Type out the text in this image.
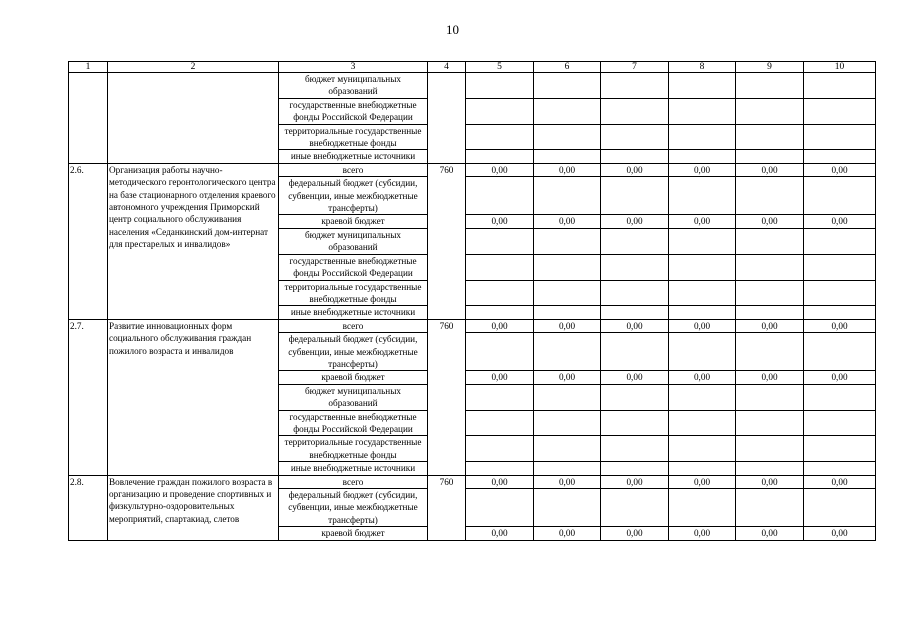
10
1	2	3	4	5	6	7	8	9	10
		бюджет муниципальных образований							
		государственные внебюджетные фонды Российской Федерации							
		территориальные государственные внебюджетные фонды							
		иные внебюджетные источники							
2.6.	Организация работы научно-методического геронтологического центра на базе стационарного отделения краевого автономного учреждения Приморский центр социального обслуживания населения «Седанкинский дом-интернат для престарелых и инвалидов»	всего	760	0,00	0,00	0,00	0,00	0,00	0,00
		федеральный бюджет (субсидии, субвенции, иные межбюджетные трансферты)							
		краевой бюджет		0,00	0,00	0,00	0,00	0,00	0,00
		бюджет муниципальных образований							
		государственные внебюджетные фонды Российской Федерации							
		территориальные государственные внебюджетные фонды							
		иные внебюджетные источники							
2.7.	Развитие инновационных форм социального обслуживания граждан пожилого возраста и инвалидов	всего	760	0,00	0,00	0,00	0,00	0,00	0,00
		федеральный бюджет (субсидии, субвенции, иные межбюджетные трансферты)							
		краевой бюджет		0,00	0,00	0,00	0,00	0,00	0,00
		бюджет муниципальных образований							
		государственные внебюджетные фонды Российской Федерации							
		территориальные государственные внебюджетные фонды							
		иные внебюджетные источники							
2.8.	Вовлечение граждан пожилого возраста в организацию и проведение спортивных и физкультурно-оздоровительных мероприятий, спартакиад, слетов	всего	760	0,00	0,00	0,00	0,00	0,00	0,00
		федеральный бюджет (субсидии, субвенции, иные межбюджетные трансферты)							
		краевой бюджет		0,00	0,00	0,00	0,00	0,00	0,00
